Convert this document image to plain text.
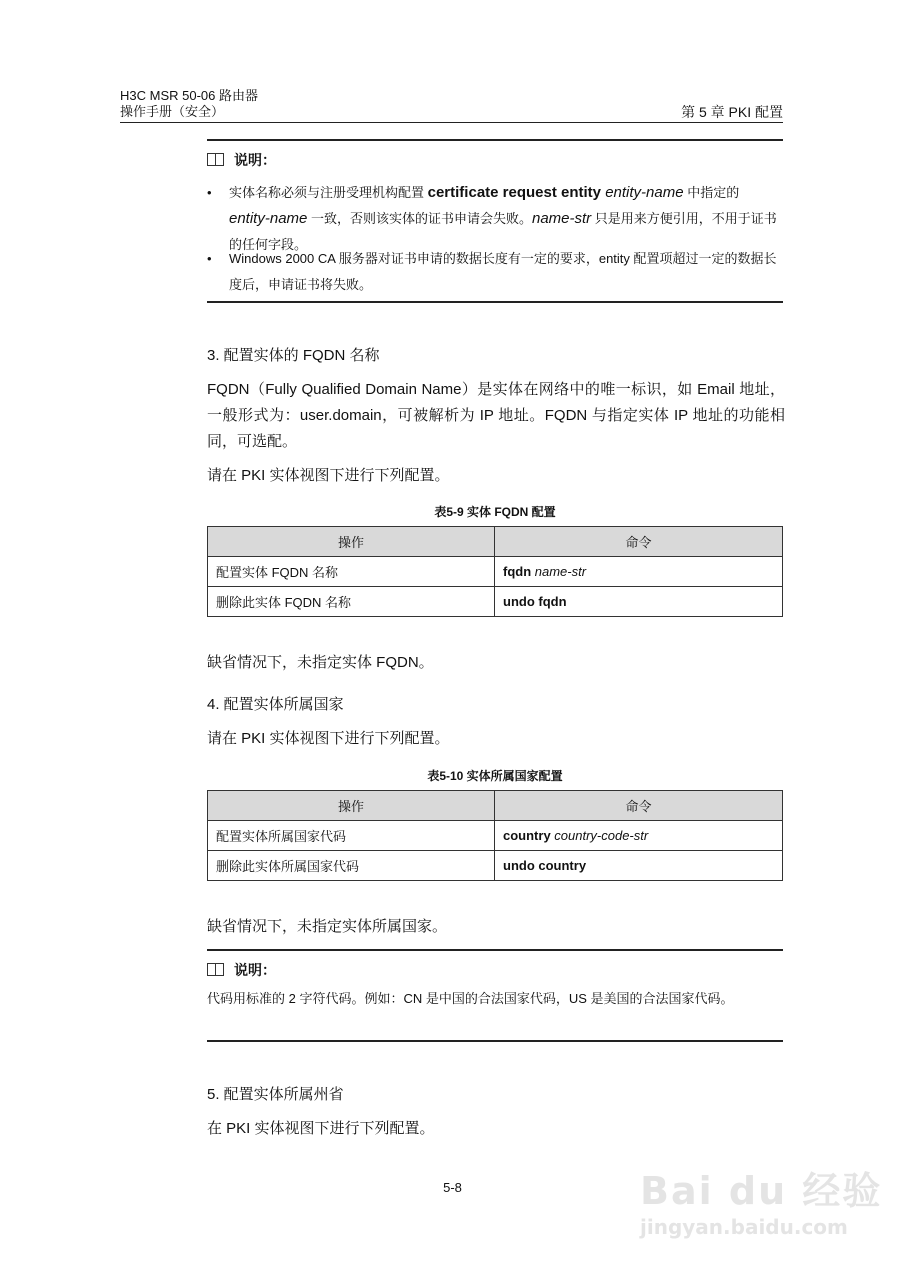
H3C MSR 50-06 路由器
操作手册（安全）	第 5 章 PKI 配置
说明：
• 实体名称必须与注册受理机构配置 certificate request entity entity-name 中指定的 entity-name 一致，否则该实体的证书申请会失败。name-str 只是用来方便引用，不用于证书的任何字段。
• Windows 2000 CA 服务器对证书申请的数据长度有一定的要求，entity 配置项超过一定的数据长度后，申请证书将失败。
3. 配置实体的 FQDN 名称
FQDN（Fully Qualified Domain Name）是实体在网络中的唯一标识，如 Email 地址，一般形式为：user.domain，可被解析为 IP 地址。FQDN 与指定实体 IP 地址的功能相同，可选配。
请在 PKI 实体视图下进行下列配置。
表5-9 实体 FQDN 配置
操作	命令
配置实体 FQDN 名称	fqdn name-str
删除此实体 FQDN 名称	undo fqdn
缺省情况下，未指定实体 FQDN。
4. 配置实体所属国家
请在 PKI 实体视图下进行下列配置。
表5-10 实体所属国家配置
操作	命令
配置实体所属国家代码	country country-code-str
删除此实体所属国家代码	undo country
缺省情况下，未指定实体所属国家。
说明：
代码用标准的 2 字符代码。例如：CN 是中国的合法国家代码，US 是美国的合法国家代码。
5. 配置实体所属州省
在 PKI 实体视图下进行下列配置。
5-8	Bai du 经验
jingyan.baidu.com
